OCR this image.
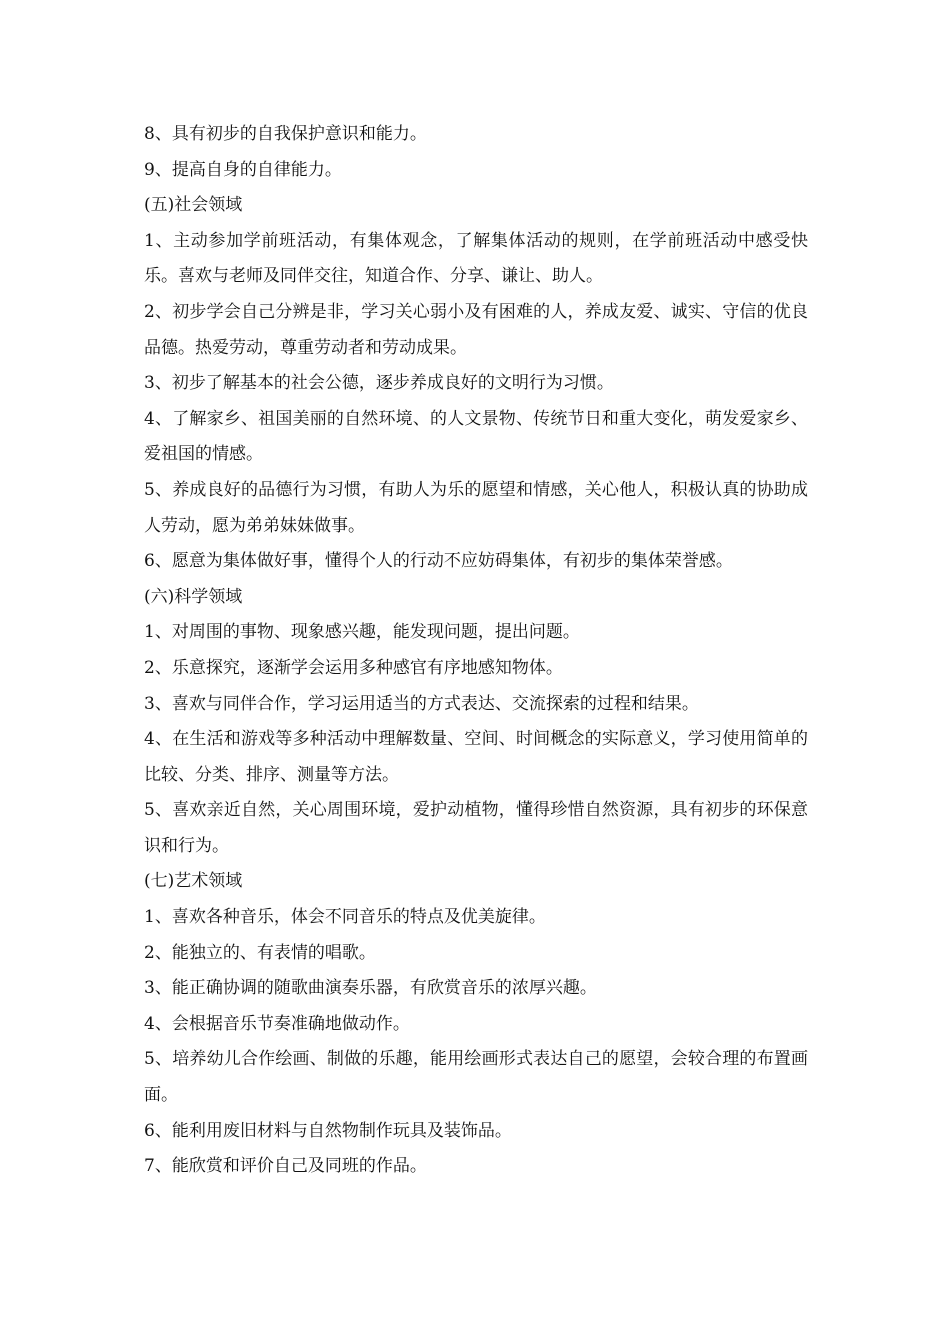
8、具有初步的自我保护意识和能力。

9、提高自身的自律能力。

(五)社会领域

1、主动参加学前班活动，有集体观念，了解集体活动的规则，在学前班活动中感受快乐。喜欢与老师及同伴交往，知道合作、分享、谦让、助人。

2、初步学会自己分辨是非，学习关心弱小及有困难的人，养成友爱、诚实、守信的优良品德。热爱劳动，尊重劳动者和劳动成果。

3、初步了解基本的社会公德，逐步养成良好的文明行为习惯。

4、了解家乡、祖国美丽的自然环境、的人文景物、传统节日和重大变化，萌发爱家乡、爱祖国的情感。

5、养成良好的品德行为习惯，有助人为乐的愿望和情感，关心他人，积极认真的协助成人劳动，愿为弟弟妹妹做事。

6、愿意为集体做好事，懂得个人的行动不应妨碍集体，有初步的集体荣誉感。

(六)科学领域

1、对周围的事物、现象感兴趣，能发现问题，提出问题。

2、乐意探究，逐渐学会运用多种感官有序地感知物体。

3、喜欢与同伴合作，学习运用适当的方式表达、交流探索的过程和结果。

4、在生活和游戏等多种活动中理解数量、空间、时间概念的实际意义，学习使用简单的比较、分类、排序、测量等方法。

5、喜欢亲近自然，关心周围环境，爱护动植物，懂得珍惜自然资源，具有初步的环保意识和行为。

(七)艺术领域

1、喜欢各种音乐，体会不同音乐的特点及优美旋律。

2、能独立的、有表情的唱歌。

3、能正确协调的随歌曲演奏乐器，有欣赏音乐的浓厚兴趣。

4、会根据音乐节奏准确地做动作。

5、培养幼儿合作绘画、制做的乐趣，能用绘画形式表达自己的愿望，会较合理的布置画面。

6、能利用废旧材料与自然物制作玩具及装饰品。

7、能欣赏和评价自己及同班的作品。
